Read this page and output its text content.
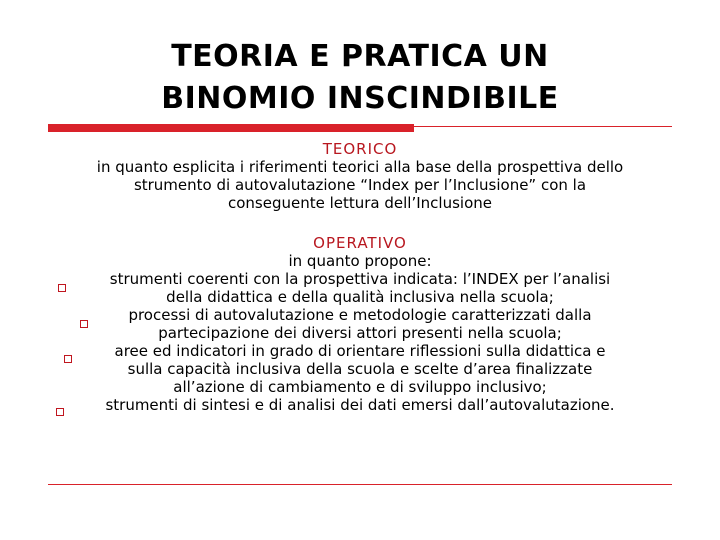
TEORIA E PRATICA UN
BINOMIO INSCINDIBILE
TEORICO
in quanto esplicita i riferimenti teorici alla base della prospettiva dello
strumento di autovalutazione “Index per l’Inclusione” con la
conseguente lettura dell’Inclusione
OPERATIVO
in quanto propone:
strumenti coerenti con la prospettiva indicata: l’INDEX per l’analisi
della didattica e della qualità inclusiva nella scuola;
processi di autovalutazione e metodologie caratterizzati dalla
partecipazione dei diversi attori presenti nella scuola;
aree ed indicatori in grado di orientare riflessioni sulla didattica e
sulla capacità inclusiva della scuola e scelte d’area finalizzate
all’azione di cambiamento e di sviluppo inclusivo;
strumenti di sintesi e di analisi dei dati emersi dall’autovalutazione.
